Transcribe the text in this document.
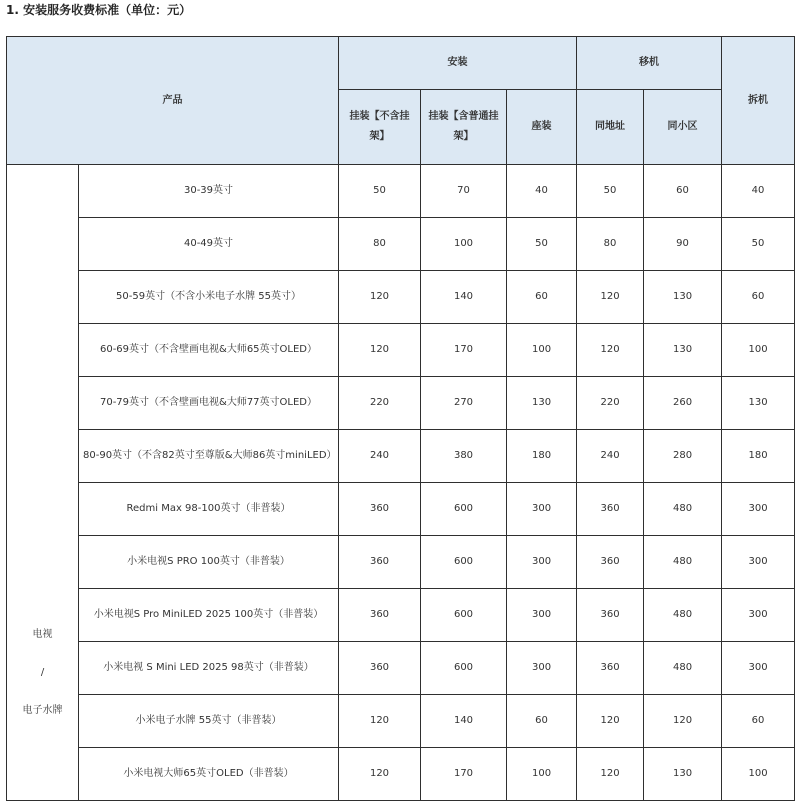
1. 安装服务收费标准（单位：元）
产品		安装			移机		拆机
		挂装【不含挂架】	挂装【含普通挂架】	座装	同地址	同小区	

电视
/
电子水牌	30-39英寸	50	70	40	50	60	40
	40-49英寸	80	100	50	80	90	50
	50-59英寸（不含小米电子水牌 55英寸）	120	140	60	120	130	60
	60-69英寸（不含壁画电视&大师65英寸OLED）	120	170	100	120	130	100
	70-79英寸（不含壁画电视&大师77英寸OLED）	220	270	130	220	260	130
	80-90英寸（不含82英寸至尊版&大师86英寸miniLED）	240	380	180	240	280	180
	Redmi Max 98-100英寸（非普装）	360	600	300	360	480	300
	小米电视S PRO 100英寸（非普装）	360	600	300	360	480	300
	小米电视S Pro MiniLED 2025 100英寸（非普装）	360	600	300	360	480	300
	小米电视 S Mini LED 2025 98英寸（非普装）	360	600	300	360	480	300
	小米电子水牌 55英寸（非普装）	120	140	60	120	120	60
	小米电视大师65英寸OLED（非普装）	120	170	100	120	130	100
